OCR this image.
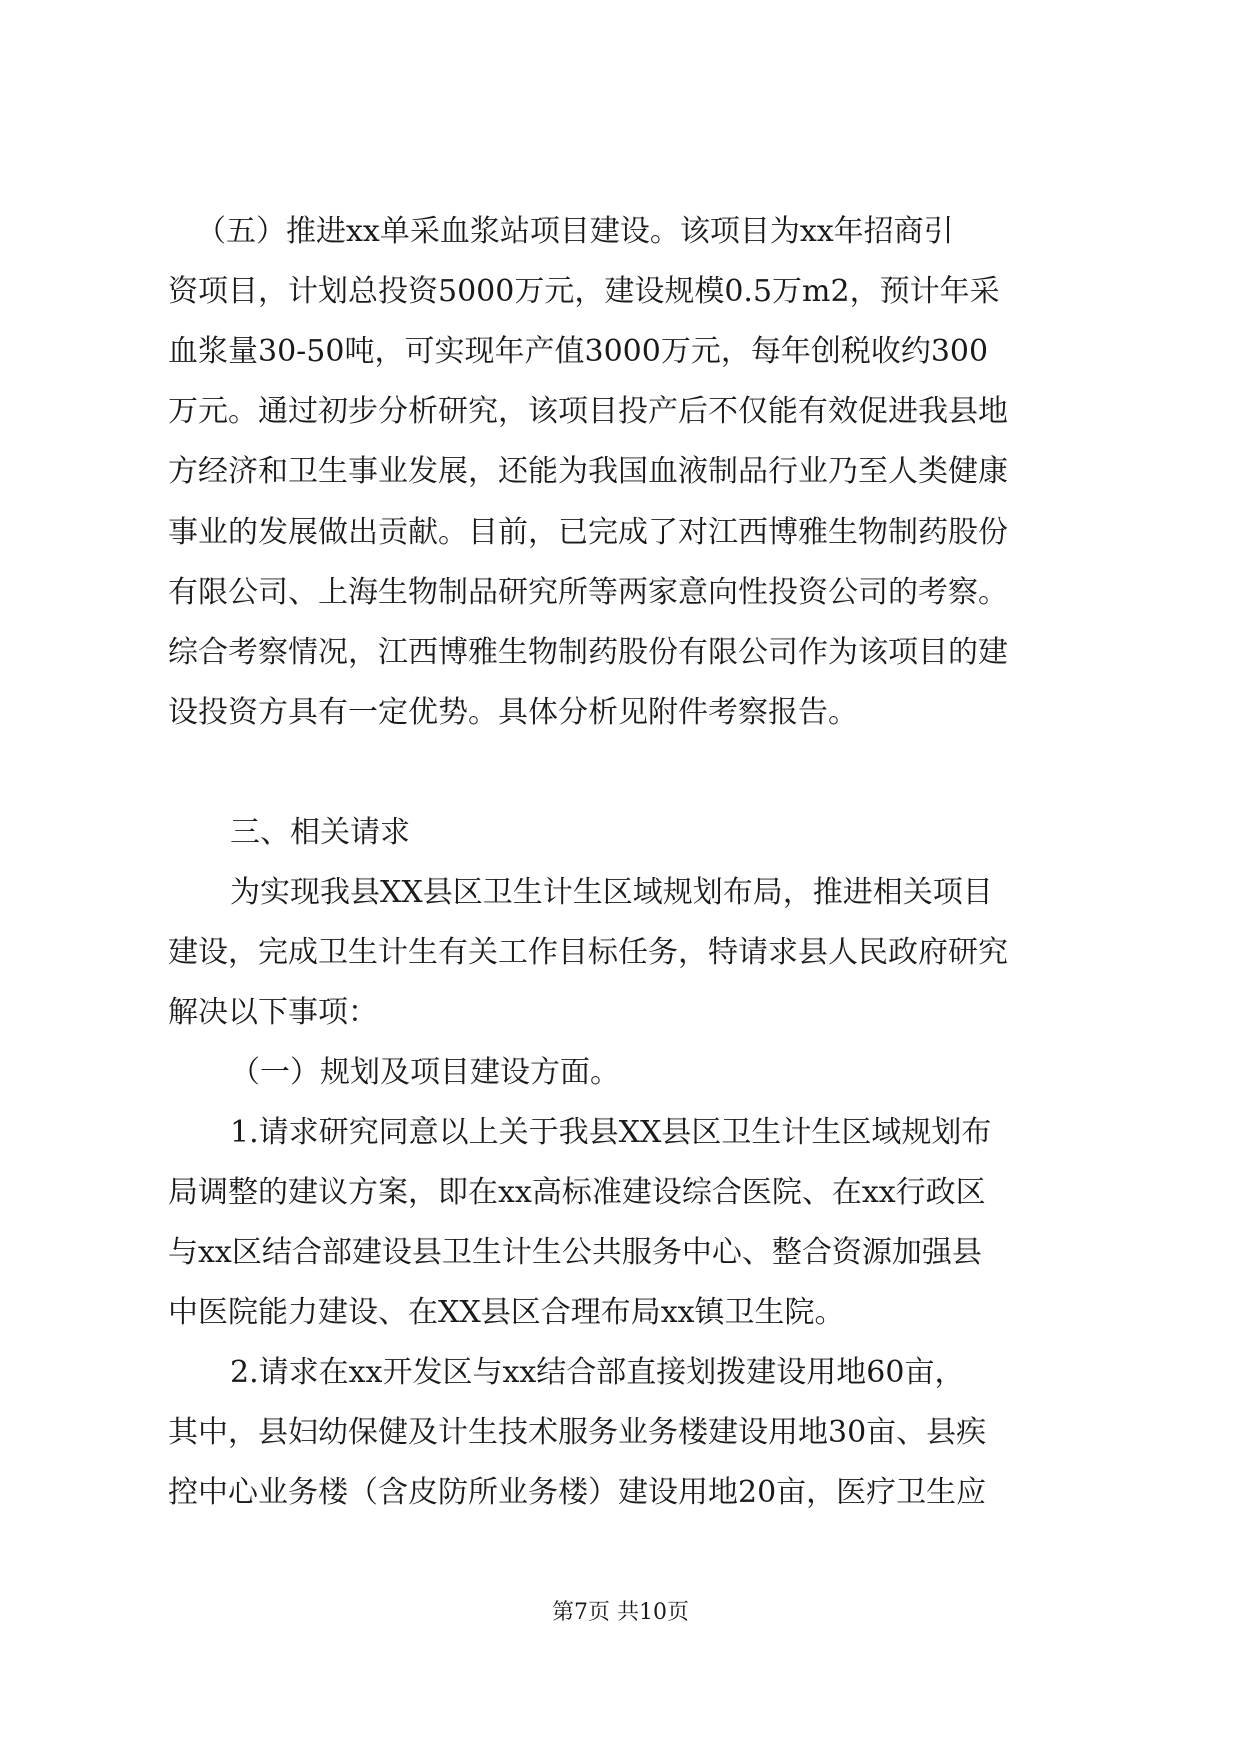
（五）推进xx单采血浆站项目建设。该项目为xx年招商引
资项目，计划总投资5000万元，建设规模0.5万m2，预计年采
血浆量30-50吨，可实现年产值3000万元，每年创税收约300
万元。通过初步分析研究，该项目投产后不仅能有效促进我县地
方经济和卫生事业发展，还能为我国血液制品行业乃至人类健康
事业的发展做出贡献。目前，已完成了对江西博雅生物制药股份
有限公司、上海生物制品研究所等两家意向性投资公司的考察。
综合考察情况，江西博雅生物制药股份有限公司作为该项目的建
设投资方具有一定优势。具体分析见附件考察报告。
三、相关请求
为实现我县XX县区卫生计生区域规划布局，推进相关项目
建设，完成卫生计生有关工作目标任务，特请求县人民政府研究
解决以下事项：
（一）规划及项目建设方面。
1.请求研究同意以上关于我县XX县区卫生计生区域规划布
局调整的建议方案，即在xx高标准建设综合医院、在xx行政区
与xx区结合部建设县卫生计生公共服务中心、整合资源加强县
中医院能力建设、在XX县区合理布局xx镇卫生院。
2.请求在xx开发区与xx结合部直接划拨建设用地60亩，
其中，县妇幼保健及计生技术服务业务楼建设用地30亩、县疾
控中心业务楼（含皮防所业务楼）建设用地20亩，医疗卫生应
第7页 共10页
